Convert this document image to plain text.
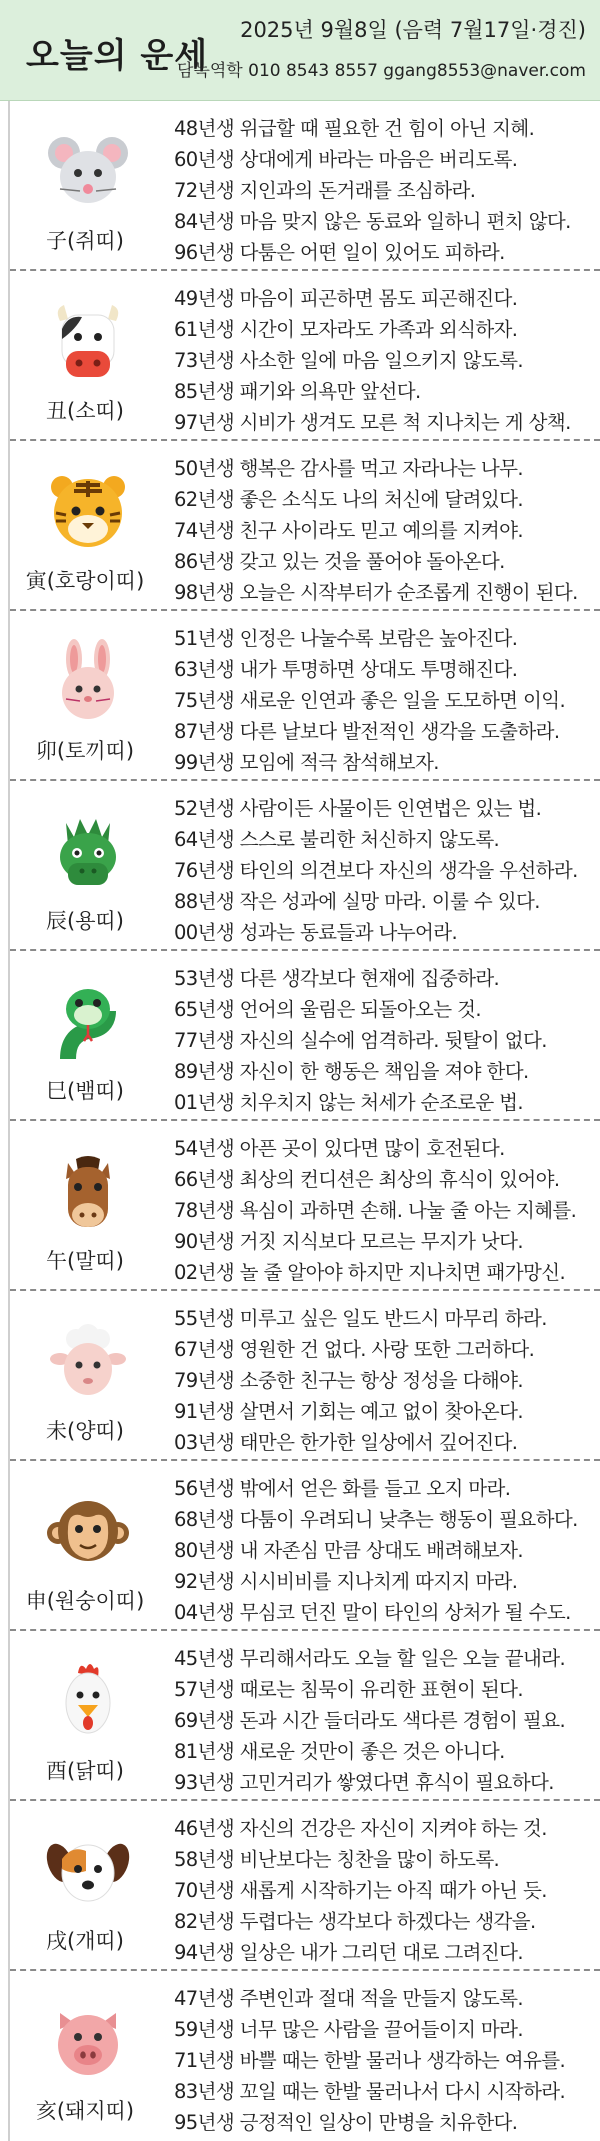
오늘의 운세
2025년 9월8일 (음력 7월17일·경진)
담녹역학 010 8543 8557 ggang8553@naver.com
子(쥐띠)
48년생 위급할 때 필요한 건 힘이 아닌 지혜.
60년생 상대에게 바라는 마음은 버리도록.
72년생 지인과의 돈거래를 조심하라.
84년생 마음 맞지 않은 동료와 일하니 편치 않다.
96년생 다툼은 어떤 일이 있어도 피하라.
丑(소띠)
49년생 마음이 피곤하면 몸도 피곤해진다.
61년생 시간이 모자라도 가족과 외식하자.
73년생 사소한 일에 마음 일으키지 않도록.
85년생 패기와 의욕만 앞선다.
97년생 시비가 생겨도 모른 척 지나치는 게 상책.
寅(호랑이띠)
50년생 행복은 감사를 먹고 자라나는 나무.
62년생 좋은 소식도 나의 처신에 달려있다.
74년생 친구 사이라도 믿고 예의를 지켜야.
86년생 갖고 있는 것을 풀어야 돌아온다.
98년생 오늘은 시작부터가 순조롭게 진행이 된다.
卯(토끼띠)
51년생 인정은 나눌수록 보람은 높아진다.
63년생 내가 투명하면 상대도 투명해진다.
75년생 새로운 인연과 좋은 일을 도모하면 이익.
87년생 다른 날보다 발전적인 생각을 도출하라.
99년생 모임에 적극 참석해보자.
辰(용띠)
52년생 사람이든 사물이든 인연법은 있는 법.
64년생 스스로 불리한 처신하지 않도록.
76년생 타인의 의견보다 자신의 생각을 우선하라.
88년생 작은 성과에 실망 마라. 이룰 수 있다.
00년생 성과는 동료들과 나누어라.
巳(뱀띠)
53년생 다른 생각보다 현재에 집중하라.
65년생 언어의 울림은 되돌아오는 것.
77년생 자신의 실수에 엄격하라. 뒷탈이 없다.
89년생 자신이 한 행동은 책임을 져야 한다.
01년생 치우치지 않는 처세가 순조로운 법.
午(말띠)
54년생 아픈 곳이 있다면 많이 호전된다.
66년생 최상의 컨디션은 최상의 휴식이 있어야.
78년생 욕심이 과하면 손해. 나눌 줄 아는 지혜를.
90년생 거짓 지식보다 모르는 무지가 낫다.
02년생 놀 줄 알아야 하지만 지나치면 패가망신.
未(양띠)
55년생 미루고 싶은 일도 반드시 마무리 하라.
67년생 영원한 건 없다. 사랑 또한 그러하다.
79년생 소중한 친구는 항상 정성을 다해야.
91년생 살면서 기회는 예고 없이 찾아온다.
03년생 태만은 한가한 일상에서 깊어진다.
申(원숭이띠)
56년생 밖에서 얻은 화를 들고 오지 마라.
68년생 다툼이 우려되니 낮추는 행동이 필요하다.
80년생 내 자존심 만큼 상대도 배려해보자.
92년생 시시비비를 지나치게 따지지 마라.
04년생 무심코 던진 말이 타인의 상처가 될 수도.
酉(닭띠)
45년생 무리해서라도 오늘 할 일은 오늘 끝내라.
57년생 때로는 침묵이 유리한 표현이 된다.
69년생 돈과 시간 들더라도 색다른 경험이 필요.
81년생 새로운 것만이 좋은 것은 아니다.
93년생 고민거리가 쌓였다면 휴식이 필요하다.
戌(개띠)
46년생 자신의 건강은 자신이 지켜야 하는 것.
58년생 비난보다는 칭찬을 많이 하도록.
70년생 새롭게 시작하기는 아직 때가 아닌 듯.
82년생 두렵다는 생각보다 하겠다는 생각을.
94년생 일상은 내가 그리던 대로 그려진다.
亥(돼지띠)
47년생 주변인과 절대 적을 만들지 않도록.
59년생 너무 많은 사람을 끌어들이지 마라.
71년생 바쁠 때는 한발 물러나 생각하는 여유를.
83년생 꼬일 때는 한발 물러나서 다시 시작하라.
95년생 긍정적인 일상이 만병을 치유한다.
